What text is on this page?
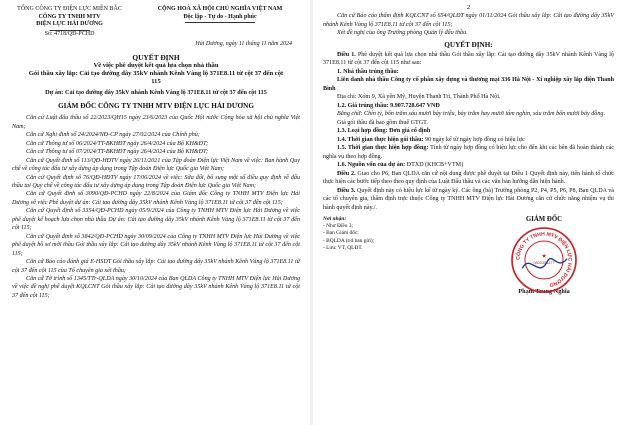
TỔNG CÔNG TY ĐIỆN LỰC MIỀN BẮC
CÔNG TY TNHH MTV
ĐIỆN LỰC HẢI DƯƠNG
Số: 4718/QĐ-PCHD
CỘNG HOÀ XÃ HỘI CHỦ NGHĨA VIỆT NAM
Độc lập - Tự do - Hạnh phúc
Hải Dương, ngày 11 tháng 11 năm 2024
QUYẾT ĐỊNH
Về việc phê duyệt kết quả lựa chọn nhà thầu
Gói thầu xây lắp: Cải tạo đường dây 35kV nhánh Kênh Vàng lộ 371E8.11 từ cột 37 đến cột 115
Dự án: Cải tạo đường dây 35kV nhánh Kênh Vàng lộ 371E8.11 từ cột 37 đến cột 115
GIÁM ĐỐC CÔNG TY TNHH MTV ĐIỆN LỰC HẢI DƯƠNG

Căn cứ Luật đấu thầu số 22/2023/QH15 ngày 23/6/2023 của Quốc Hội nước Cộng hòa xã hội chủ nghĩa Việt Nam;

Căn cứ Nghị định số 24/2024/NĐ-CP ngày 27/02/2024 của Chính phủ;

Căn cứ Thông tư số 06/2024/TT-BKHĐT ngày 26/4/2024 của Bộ KH&ĐT;

Căn cứ Thông tư số 07/2024/TT-BKHĐT ngày 26/4/2024 của Bộ KH&ĐT;

Căn cứ Quyết định số 113/QĐ-HĐTV ngày 26/11/2021 của Tập đoàn Điện lực Việt Nam về việc: Ban hành Quy chế về công tác đấu tư xây dựng áp dụng trong Tập đoàn Điện lực Quốc gia Việt Nam;

Căn cứ Quyết định số 76/QĐ-HĐTV ngày 17/06/2024 về việc: Sửa đổi, bổ sung một số điều quy định về đấu thầu tại Quy chế về công tác đấu tư xây dựng áp dụng trong Tập đoàn Điện lực Quốc gia Việt Nam;

Căn cứ Quyết định số 3090/QĐ-PCHD ngày 22/8/2024 của Giám đốc Công ty TNHH MTV Điện lực Hải Dương về việc Phê duyệt dự án: Cải tạo đường dây 35kV nhánh Kênh Vàng lộ 371E8.11 từ cột 37 đến cột 115;

Căn cứ Quyết định số 3354/QĐ-PCHD ngày 05/9/2024 của Công ty TNHH MTV Điện lực Hải Dương về việc phê duyệt kế hoạch lựa chọn nhà thầu Dự án: Cải tạo đường dây 35kV nhánh Kênh Vàng lộ 371E8.11 từ cột 37 đến cột 115;

Căn cứ Quyết định số 3842/QĐ-PCHD ngày 30/09/2024 của Công ty TNHH MTV Điện lực Hải Dương về việc phê duyệt hồ sơ mời thầu Gói thầu xây lắp: Cải tạo đường dây 35kV nhánh Kênh Vàng lộ 371E8.11 từ cột 37 đến cột 115;

Căn cứ Báo cáo đánh giá E-HSDT Gói thầu xây lắp: Cải tạo đường dây 35kV nhánh Kênh Vàng lộ 371E8.11 từ cột 37 đến cột 115 của Tổ chuyên gia xét thầu;

Căn cứ Tờ trình số 1345/TTr-QLDA ngày 30/10/2024 của Ban QLDA Công ty TNHH MTV Điện lực Hải Dương về việc đề nghị phê duyệt KQLCNT Gói thầu xây lắp: Cải tạo đường dây 35kV nhánh Kênh Vàng lộ 371E8.11 từ cột 37 đến cột 115;

2

Căn cứ Báo cáo thẩm định KQLCNT số 654/QLĐT ngày 01/11/2024 Gói thầu xây lắp: Cải tạo đường dây 35kV nhánh Kênh Vàng lộ 371E8.11 từ cột 37 đến cột 115;

Xét đề nghị của ông Trưởng phòng Quản lý đấu thầu.

QUYẾT ĐỊNH:

Điều 1. Phê duyệt kết quả lựa chọn nhà thầu Gói thầu xây lắp: Cải tạo đường dây 35kV nhánh Kênh Vàng lộ 371E8.11 từ cột 37 đến cột 115 như sau:

1. Nhà thầu trúng thầu:

Liên danh nhà thầu Công ty cổ phần xây dựng và thương mại 336 Hà Nội - Xí nghiệp xây lắp điện Thanh Bình

Địa chỉ: Xóm 9, Xã yên Mỹ, Huyện Thanh Trì, Thành Phố Hà Nội.

1.2. Giá trúng thầu: 9.907.728.647 VNĐ

Bằng chữ: Chín tỷ, bốn trăm sáu mươi bảy triệu, bảy trăm hay mươi tám nghìn, sáu trăm bốn mươi bảy đồng.

Giá gói thầu đã bao gồm thuế GTGT.

1.3. Loại hợp đồng: Đơn giá cố định

1.4. Thời gian thực hiện gói thầu: 90 ngày kể từ ngày hợp đồng có hiệu lực

1.5. Thời gian thực hiện hợp đồng: Tính từ ngày hợp đồng có hiệu lực cho đến khi các bên đã hoàn thành các nghĩa vụ theo hợp đồng.

1.6. Nguồn vốn của dự án: ĐTXD (KHCB+VTM)

Điều 2. Giao cho P6, Ban QLDA căn cứ nội dung được phê duyệt tại Điều 1 Quyết định này, tiến hành tổ chức thực hiện các bước tiếp theo theo quy định của Luật Đấu thầu và các văn bản hướng dẫn hiện hành.

Điều 3. Quyết định này có hiệu lực kể từ ngày ký. Các ông (bà) Trưởng phòng P2, P4, P5, P6, P8, Ban QLDA và các tổ chuyên gia, thẩm định trực thuộc Công ty TNHH MTV Điện lực Hải Dương căn cứ chức năng nhiệm vụ thi hành quyết định này./.

Nơi nhận:
- Như Điều 3;
- Ban Giám đốc;
- BQLDA (t/d ban gửi);
- Lưu: VT, QLĐT.
GIÁM ĐỐC
CÔNG TY TNHH MTV ĐIỆN LỰC HẢI DƯƠNG
★
0800351477
Phạm Trung Nghĩa
